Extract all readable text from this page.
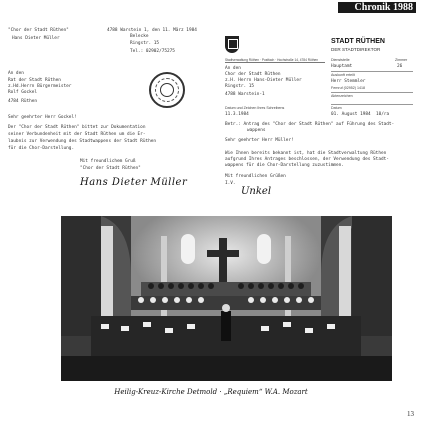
Chronik 1988
"Chor der Stadt Rüthen"
Hans Dieter Müller
4788 Warstein 1, den 11. März 1984
Belecke
Ringstr. 15
Tel.: 02902/75275
An den
Rat der Stadt Rüthen
z.Hd.Herrn Bürgermeister
Rolf Gockel
4784 Rüthen
Sehr geehrter Herr Gockel!
Der "Chor der Stadt Rüthen" bittet zur Dokumentation
seiner Verbundenheit mit der Stadt Rüthen um die Er-
laubnis zur Verwendung des Stadtwappens der Stadt Rüthen
für die Chor-Darstellung.
Mit freundlichem Gruß
"Chor der Stadt Rüthen"
Hans Dieter Müller
STADT RÜTHEN
DER STADTDIREKTOR
Stadtverwaltung Rüthen · Postfach · Hochstraße 14, 4784 Rüthen	Dienststelle	Zimmer
Hauptamt	26
Auskunft erteilt
Herr Stemmler
Fernruf (02952) 1418
Aktenzeichen
Datum
01. August 1984  10/ra
An den
Chor der Stadt Rüthen
z.H. Herrn Hans-Dieter Müller
Ringstr. 15
4788 Warstein-1
Datum und Zeichen Ihres Schreibens
11.3.1984
Betr.: Antrag des "Chor der Stadt Rüthen" auf Führung des Stadt-
wappens
Sehr geehrter Herr Müller!
Wie Ihnen bereits bekannt ist, hat die Stadtverwaltung Rüthen
aufgrund Ihres Antrages beschlossen, der Verwendung des Stadt-
wappens für die Chor-Darstellung zuzustimmen.
Mit freundlichen Grüßen
I.V.
Unkel
Heilig-Kreuz-Kirche Detmold · „Requiem“ W.A. Mozart
13
